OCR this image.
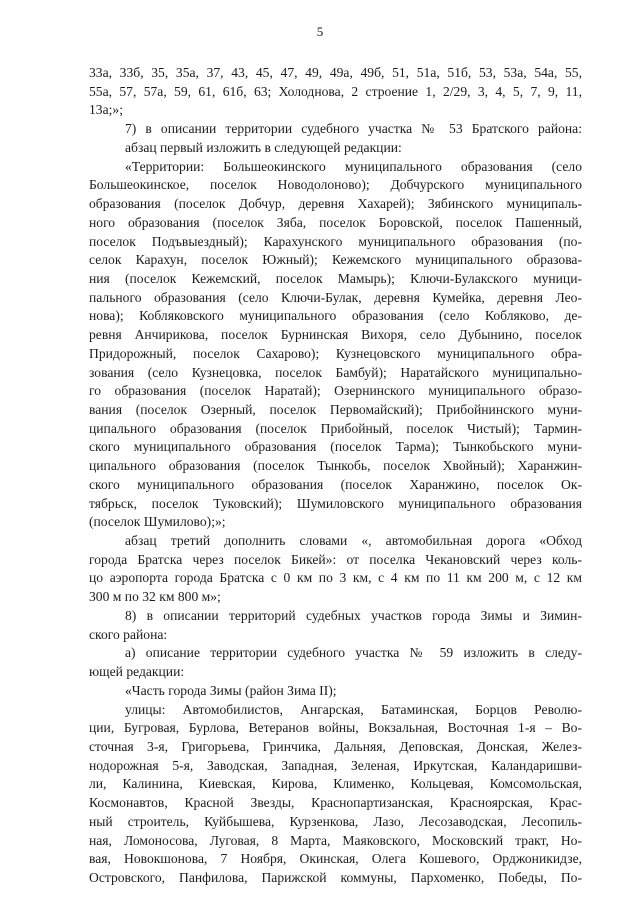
5
33а, 33б, 35, 35а, 37, 43, 45, 47, 49, 49а, 49б, 51, 51а, 51б, 53, 53а, 54а, 55,
55а, 57, 57а, 59, 61, 61б, 63; Холоднова, 2 строение 1, 2/29, 3, 4, 5, 7, 9, 11,
13а;»;
7) в описании территории судебного участка № 53 Братского района:
абзац первый изложить в следующей редакции:
«Территории: Большеокинского муниципального образования (село
Большеокинское, поселок Новодолоново); Добчурского муниципального
образования (поселок Добчур, деревня Хахарей); Зябинского муниципаль-
ного образования (поселок Зяба, поселок Боровской, поселок Пашенный,
поселок Подъвыездный); Карахунского муниципального образования (по-
селок Карахун, поселок Южный); Кежемского муниципального образова-
ния (поселок Кежемский, поселок Мамырь); Ключи-Булакского муници-
пального образования (село Ключи-Булак, деревня Кумейка, деревня Лео-
нова); Кобляковского муниципального образования (село Кобляково, де-
ревня Анчирикова, поселок Бурнинская Вихоря, село Дубынино, поселок
Придорожный, поселок Сахарово); Кузнецовского муниципального обра-
зования (село Кузнецовка, поселок Бамбуй); Наратайского муниципально-
го образования (поселок Наратай); Озернинского муниципального образо-
вания (поселок Озерный, поселок Первомайский); Прибойнинского муни-
ципального образования (поселок Прибойный, поселок Чистый); Тармин-
ского муниципального образования (поселок Тарма); Тынкобьского муни-
ципального образования (поселок Тынкобь, поселок Хвойный); Харанжин-
ского муниципального образования (поселок Харанжино, поселок Ок-
тябрьск, поселок Туковский); Шумиловского муниципального образования
(поселок Шумилово);»;
абзац третий дополнить словами «, автомобильная дорога «Обход
города Братска через поселок Бикей»: от поселка Чекановский через коль-
цо аэропорта города Братска с 0 км по 3 км, с 4 км по 11 км 200 м, с 12 км
300 м по 32 км 800 м»;
8) в описании территорий судебных участков города Зимы и Зимин-
ского района:
а) описание территории судебного участка № 59 изложить в следу-
ющей редакции:
«Часть города Зимы (район Зима II);
улицы: Автомобилистов, Ангарская, Батаминская, Борцов Револю-
ции, Бугровая, Бурлова, Ветеранов войны, Вокзальная, Восточная 1-я – Во-
сточная 3-я, Григорьева, Гринчика, Дальняя, Деповская, Донская, Желез-
нодорожная 5-я, Заводская, Западная, Зеленая, Иркутская, Каландаришви-
ли, Калинина, Киевская, Кирова, Клименко, Кольцевая, Комсомольская,
Космонавтов, Красной Звезды, Краснопартизанская, Красноярская, Крас-
ный строитель, Куйбышева, Курзенкова, Лазо, Лесозаводская, Лесопиль-
ная, Ломоносова, Луговая, 8 Марта, Маяковского, Московский тракт, Но-
вая, Новокшонова, 7 Ноября, Окинская, Олега Кошевого, Орджоникидзе,
Островского, Панфилова, Парижской коммуны, Пархоменко, Победы, По-
